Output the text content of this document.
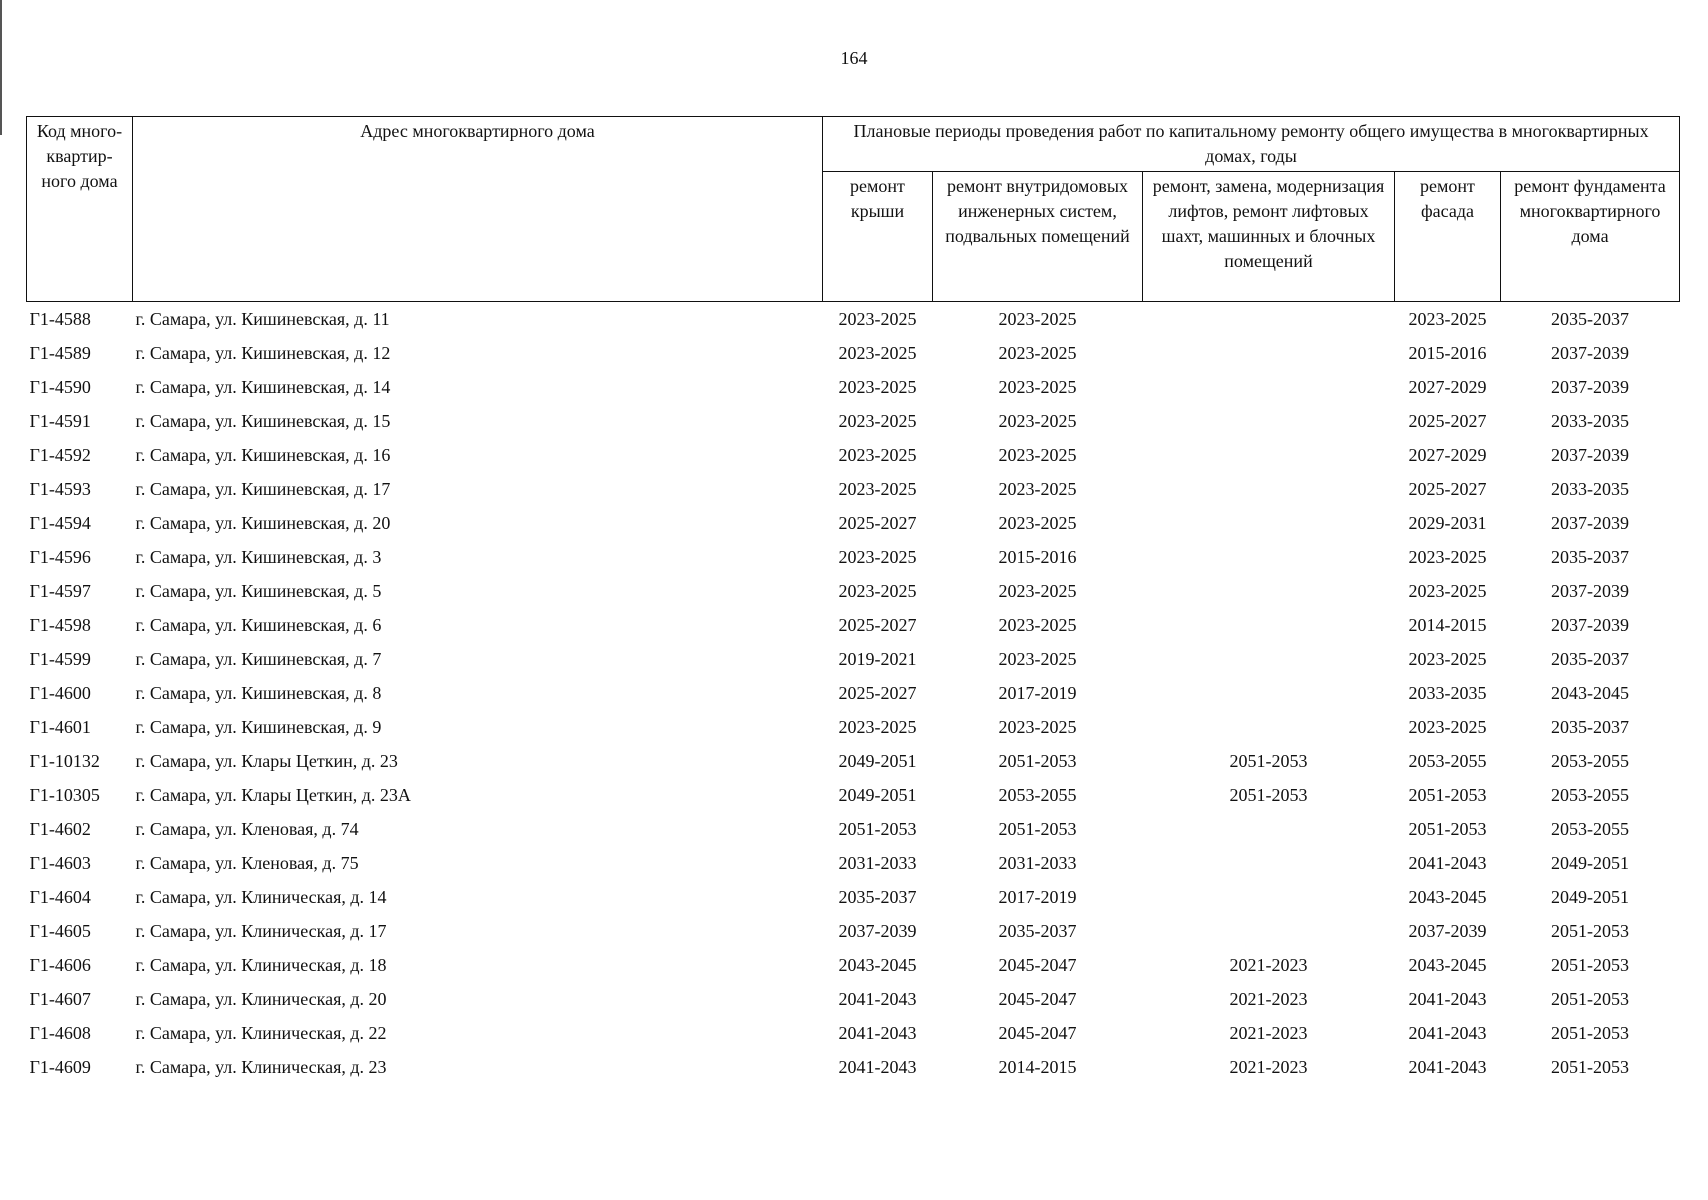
164
Код много-квартир-ного дома	Адрес многоквартирного дома	Плановые периоды проведения работ по капитальному ремонту общего имущества в многоквартирных домах, годы				
		ремонт крыши	ремонт внутридомовых инженерных систем, подвальных помещений	ремонт, замена, модернизация лифтов, ремонт лифтовых шахт, машинных и блочных помещений	ремонт фасада	ремонт фундамента многоквартирного дома
Г1-4588	г. Самара, ул. Кишиневская, д. 11	2023-2025	2023-2025		2023-2025	2035-2037
Г1-4589	г. Самара, ул. Кишиневская, д. 12	2023-2025	2023-2025		2015-2016	2037-2039
Г1-4590	г. Самара, ул. Кишиневская, д. 14	2023-2025	2023-2025		2027-2029	2037-2039
Г1-4591	г. Самара, ул. Кишиневская, д. 15	2023-2025	2023-2025		2025-2027	2033-2035
Г1-4592	г. Самара, ул. Кишиневская, д. 16	2023-2025	2023-2025		2027-2029	2037-2039
Г1-4593	г. Самара, ул. Кишиневская, д. 17	2023-2025	2023-2025		2025-2027	2033-2035
Г1-4594	г. Самара, ул. Кишиневская, д. 20	2025-2027	2023-2025		2029-2031	2037-2039
Г1-4596	г. Самара, ул. Кишиневская, д. 3	2023-2025	2015-2016		2023-2025	2035-2037
Г1-4597	г. Самара, ул. Кишиневская, д. 5	2023-2025	2023-2025		2023-2025	2037-2039
Г1-4598	г. Самара, ул. Кишиневская, д. 6	2025-2027	2023-2025		2014-2015	2037-2039
Г1-4599	г. Самара, ул. Кишиневская, д. 7	2019-2021	2023-2025		2023-2025	2035-2037
Г1-4600	г. Самара, ул. Кишиневская, д. 8	2025-2027	2017-2019		2033-2035	2043-2045
Г1-4601	г. Самара, ул. Кишиневская, д. 9	2023-2025	2023-2025		2023-2025	2035-2037
Г1-10132	г. Самара, ул. Клары Цеткин, д. 23	2049-2051	2051-2053	2051-2053	2053-2055	2053-2055
Г1-10305	г. Самара, ул. Клары Цеткин, д. 23А	2049-2051	2053-2055	2051-2053	2051-2053	2053-2055
Г1-4602	г. Самара, ул. Кленовая, д. 74	2051-2053	2051-2053		2051-2053	2053-2055
Г1-4603	г. Самара, ул. Кленовая, д. 75	2031-2033	2031-2033		2041-2043	2049-2051
Г1-4604	г. Самара, ул. Клиническая, д. 14	2035-2037	2017-2019		2043-2045	2049-2051
Г1-4605	г. Самара, ул. Клиническая, д. 17	2037-2039	2035-2037		2037-2039	2051-2053
Г1-4606	г. Самара, ул. Клиническая, д. 18	2043-2045	2045-2047	2021-2023	2043-2045	2051-2053
Г1-4607	г. Самара, ул. Клиническая, д. 20	2041-2043	2045-2047	2021-2023	2041-2043	2051-2053
Г1-4608	г. Самара, ул. Клиническая, д. 22	2041-2043	2045-2047	2021-2023	2041-2043	2051-2053
Г1-4609	г. Самара, ул. Клиническая, д. 23	2041-2043	2014-2015	2021-2023	2041-2043	2051-2053
